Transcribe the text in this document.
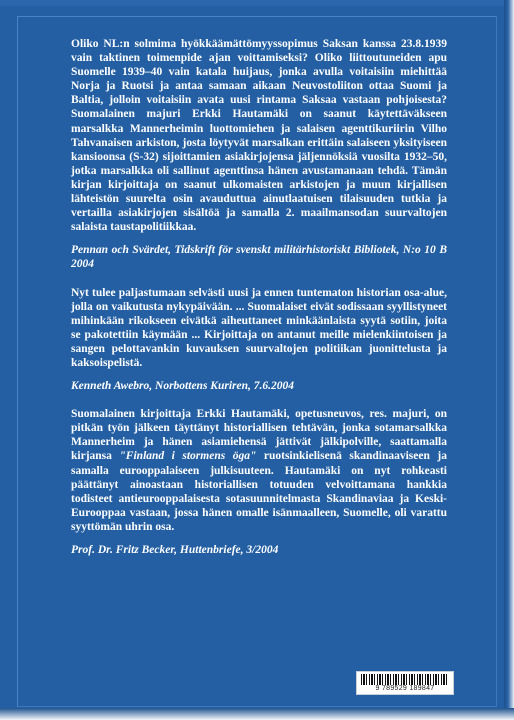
Oliko NL:n solmima hyökkäämättömyyssopimus Saksan kanssa 23.8.1939 vain taktinen toimenpide ajan voittamiseksi? Oliko liittoutuneiden apu Suomelle 1939–40 vain katala huijaus, jonka avulla voitaisiin miehittää Norja ja Ruotsi ja antaa samaan aikaan Neuvostoliiton ottaa Suomi ja Baltia, jolloin voitaisiin avata uusi rintama Saksaa vastaan pohjoisesta? Suomalainen majuri Erkki Hautamäki on saanut käytettäväkseen marsalkka Mannerheimin luottomiehen ja salaisen agenttikuriirin Vilho Tahvanaisen arkiston, josta löytyvät marsalkan erittäin salaiseen yksityiseen kansioonsa (S-32) sijoittamien asiakirjojensa jäljennöksiä vuosilta 1932–50, jotka marsalkka oli sallinut agenttinsa hänen avustamanaan tehdä. Tämän kirjan kirjoittaja on saanut ulkomaisten arkistojen ja muun kirjallisen lähteistön suurelta osin avauduttua ainutlaatuisen tilaisuuden tutkia ja vertailla asiakirjojen sisältöä ja samalla 2. maailmansodan suurvaltojen salaista taustapolitiikkaa.

Pennan och Svärdet, Tidskrift för svenskt militärhistoriskt Bibliotek, N:o 10 B 2004

Nyt tulee paljastumaan selvästi uusi ja ennen tuntematon historian osa-alue, jolla on vaikutusta nykypäivään. ... Suomalaiset eivät sodissaan syyllistyneet mihinkään rikokseen eivätkä aiheuttaneet minkäänlaista syytä sotiin, joita se pakotettiin käymään ... Kirjoittaja on antanut meille mielenkiintoisen ja sangen pelottavankin kuvauksen suurvaltojen politiikan juonittelusta ja kaksoispelistä.

Kenneth Awebro, Norbottens Kuriren, 7.6.2004

Suomalainen kirjoittaja Erkki Hautamäki, opetusneuvos, res. majuri, on pitkän työn jälkeen täyttänyt historiallisen tehtävän, jonka sotamarsalkka Mannerheim ja hänen asiamiehensä jättivät jälkipolville, saattamalla kirjansa "Finland i stormens öga" ruotsinkielisenä skandinaaviseen ja samalla eurooppalaiseen julkisuuteen. Hautamäki on nyt rohkeasti päättänyt ainoastaan historiallisen totuuden velvoittamana hankkia todisteet antieurooppalaisesta sotasuunnitelmasta Skandinaviaa ja Keski-Eurooppaa vastaan, jossa hänen omalle isänmaalleen, Suomelle, oli varattu syyttömän uhrin osa.

Prof. Dr. Fritz Becker, Huttenbriefe, 3/2004

9 789529 189847
